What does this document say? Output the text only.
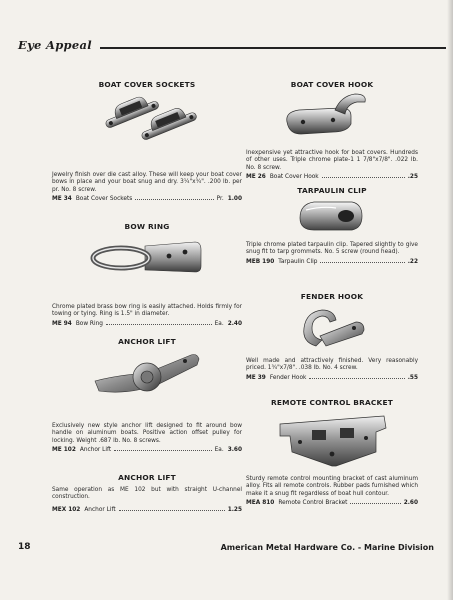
Eye Appeal

BOAT COVER SOCKETS

Jewelry finish over die cast alloy. These will keep your boat cover bows in place and your boat snug and dry. 3¼"x¾". .200 lb. per pr. No. 8 screw.

ME 34 Boat Cover Sockets	Pr. 1.00

BOW RING

Chrome plated brass bow ring is easily attached. Holds firmly for towing or tying. Ring is 1.5" in diameter.

ME 94 Bow Ring	Ea. 2.40

ANCHOR LIFT

Exclusively new style anchor lift designed to fit around bow handle on aluminum boats. Positive action offset pulley for locking. Weight .687 lb. No. 8 screws.

ME 102 Anchor Lift	Ea. 3.60

ANCHOR LIFT

Same operation as ME 102 but with straight U-channel construction.

MEX 102 Anchor Lift	1.25

BOAT COVER HOOK

Inexpensive yet attractive hook for boat covers. Hundreds of other uses. Triple chrome plate-1 1 7/8"x7/8". .022 lb. No. 8 screw.

ME 26 Boat Cover Hook	.25

TARPAULIN CLIP

Triple chrome plated tarpaulin clip. Tapered slightly to give snug fit to tarp grommets. No. 5 screw (round head).

MEB 190 Tarpaulin Clip	.22

FENDER HOOK

Well made and attractively finished. Very reasonably priced. 1¾"x7/8". .038 lb. No. 4 screw.

ME 39 Fender Hook	.55

REMOTE CONTROL BRACKET

Sturdy remote control mounting bracket of cast aluminum alloy. Fits all remote controls. Rubber pads furnished which make it a snug fit regardless of boat hull contour.

MEA 810 Remote Control Bracket	2.60
18	American Metal Hardware Co. - Marine Division
